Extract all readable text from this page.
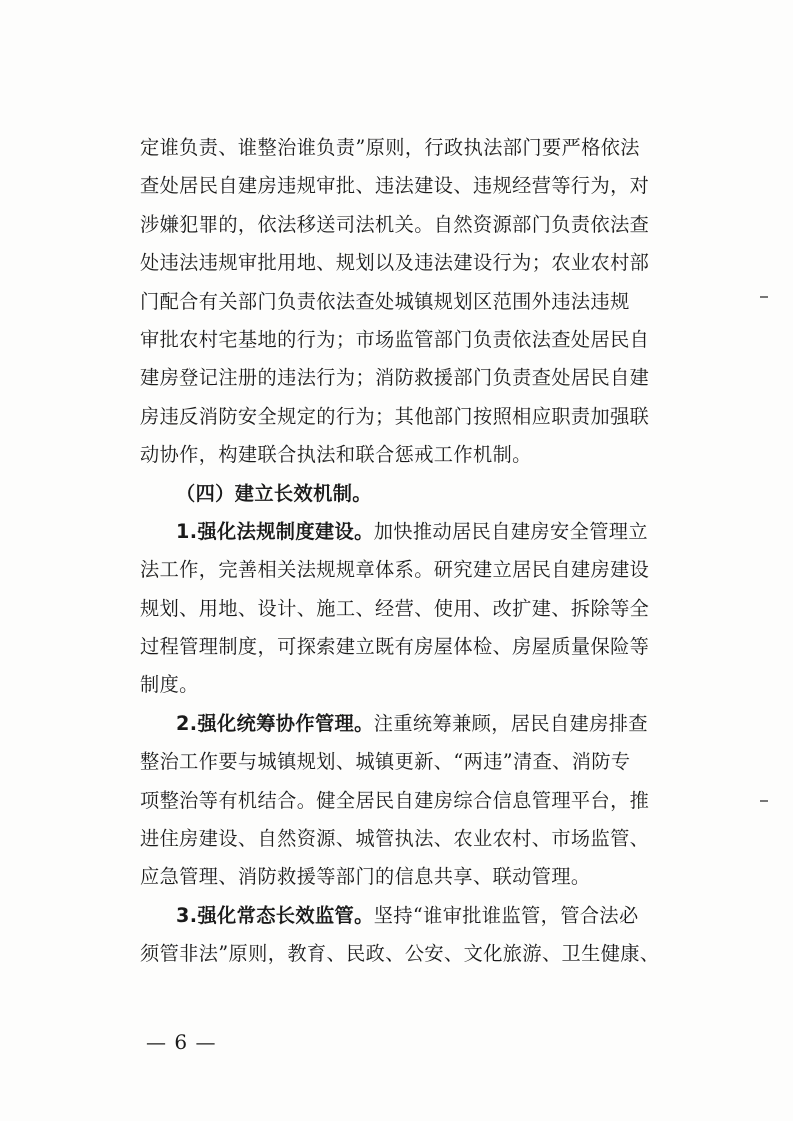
定谁负责、谁整治谁负责”原则，行政执法部门要严格依法
查处居民自建房违规审批、违法建设、违规经营等行为，对
涉嫌犯罪的，依法移送司法机关。自然资源部门负责依法查
处违法违规审批用地、规划以及违法建设行为；农业农村部
门配合有关部门负责依法查处城镇规划区范围外违法违规
审批农村宅基地的行为；市场监管部门负责依法查处居民自
建房登记注册的违法行为；消防救援部门负责查处居民自建
房违反消防安全规定的行为；其他部门按照相应职责加强联
动协作，构建联合执法和联合惩戒工作机制。
（四）建立长效机制。
1.强化法规制度建设。加快推动居民自建房安全管理立
法工作，完善相关法规规章体系。研究建立居民自建房建设
规划、用地、设计、施工、经营、使用、改扩建、拆除等全
过程管理制度，可探索建立既有房屋体检、房屋质量保险等
制度。
2.强化统筹协作管理。注重统筹兼顾，居民自建房排查
整治工作要与城镇规划、城镇更新、“两违”清查、消防专
项整治等有机结合。健全居民自建房综合信息管理平台，推
进住房建设、自然资源、城管执法、农业农村、市场监管、
应急管理、消防救援等部门的信息共享、联动管理。
3.强化常态长效监管。坚持“谁审批谁监管，管合法必
须管非法”原则，教育、民政、公安、文化旅游、卫生健康、
— 6 —
